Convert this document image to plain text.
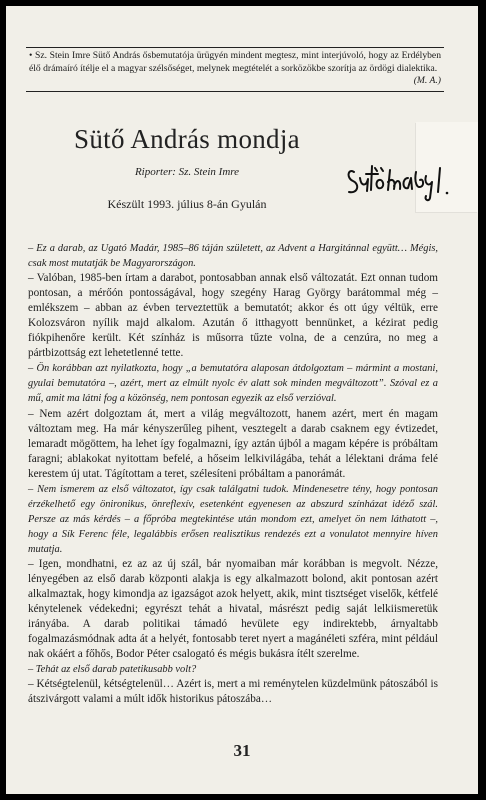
• Sz. Stein Imre Sütő András ősbemutatója ürügyén mindent megtesz, mint interjúvoló, hogy az Erdélyben élő drámaíró ítélje el a magyar szélsőséget, melynek megtételét a sorközökbe szorítja az ördögi dialektika.
(M. A.)
Sütő András mondja
Riporter: Sz. Stein Imre
Készült 1993. július 8-án Gyulán

– Ez a darab, az Ugató Madár, 1985–86 táján született, az Advent a Hargitánnal együtt… Mégis, csak most mutatják be Magyarországon.

– Valóban, 1985-ben írtam a darabot, pontosabban annak első változatát. Ezt onnan tudom pontosan, a mérőón pontosságával, hogy szegény Harag György barátommal még – emlékszem – abban az évben terveztettük a bemutatót; akkor és ott úgy véltük, erre Kolozsváron nyílik majd alkalom. Azután ő itthagyott bennünket, a kézirat pedig fiókpihenőre került. Két színház is műsorra tűzte volna, de a cenzúra, no meg a pártbizottság ezt lehetetlenné tette.

– Ön korábban azt nyilatkozta, hogy „a bemutatóra alaposan átdolgoztam – mármint a mostani, gyulai bemutatóra –, azért, mert az elmúlt nyolc év alatt sok minden megváltozott”. Szóval ez a mű, amit ma látni fog a közönség, nem pontosan egyezik az első verzióval.

– Nem azért dolgoztam át, mert a világ megváltozott, hanem azért, mert én magam változtam meg. Ha már kényszerűleg pihent, vesztegelt a darab csaknem egy évtizedet, lemaradt mögöttem, ha lehet így fogalmazni, így aztán újból a magam képére is próbáltam faragni; ablakokat nyitottam befelé, a hőseim lelkivilágába, tehát a lélektani dráma felé kerestem új utat. Tágítottam a teret, szélesíteni próbáltam a panorámát.

– Nem ismerem az első változatot, így csak találgatni tudok. Mindenesetre tény, hogy pontosan érzékelhető egy önironikus, önreflexív, esetenként egyenesen az abszurd színházat idéző szál. Persze az más kérdés – a főpróba megtekintése után mondom ezt, amelyet ön nem láthatott –, hogy a Sík Ferenc féle, legalábbis erősen realisztikus rendezés ezt a vonulatot mennyire híven mutatja.

– Igen, mondhatni, ez az az új szál, bár nyomaiban már korábban is megvolt. Nézze, lényegében az első darab központi alakja is egy alkalmazott bolond, akit pontosan azért alkalmaztak, hogy kimondja az igazságot azok helyett, akik, mint tisztséget viselők, kétfelé kénytelenek védekedni; egyrészt tehát a hivatal, másrészt pedig saját lelkiismeretük irányába. A darab politikai támadó hevülete egy indirektebb, árnyaltabb fogalmazásmódnak adta át a helyét, fontosabb teret nyert a magánéleti szféra, mint például nak okáért a főhős, Bodor Péter csalogató és mégis bukásra ítélt szerelme.

– Tehát az első darab patetikusabb volt?

– Kétségtelenül, kétségtelenül… Azért is, mert a mi reménytelen küzdelmünk pátoszából is átszivárgott valami a múlt idők historikus pátoszába…

31
